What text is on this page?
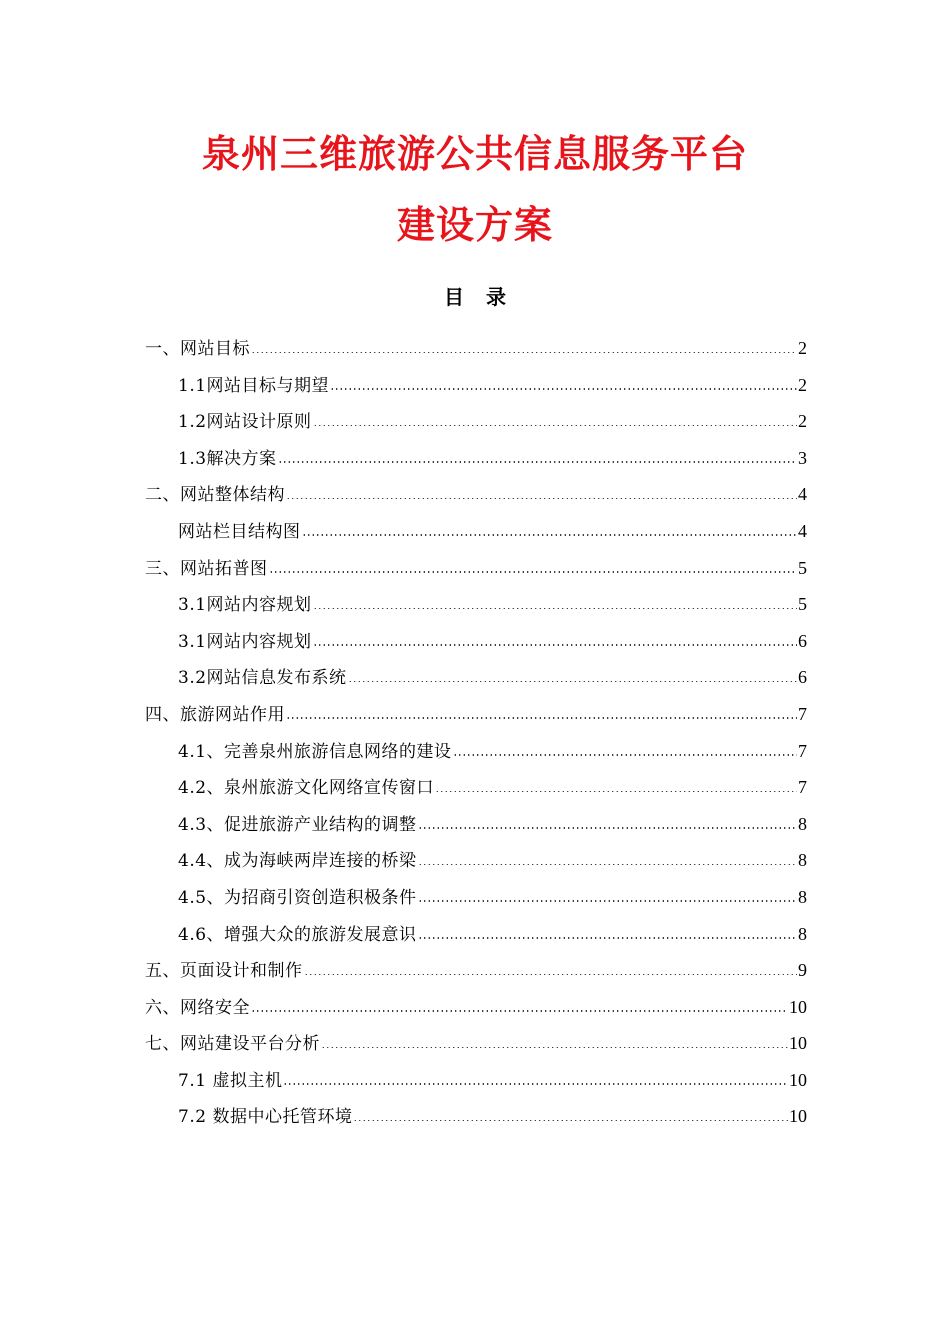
泉州三维旅游公共信息服务平台
建设方案
目录
一、网站目标	2
1.1网站目标与期望	2
1.2网站设计原则	2
1.3解决方案	3
二、网站整体结构	4
网站栏目结构图	4
三、网站拓普图	5
3.1网站内容规划	5
3.1网站内容规划	6
3.2网站信息发布系统	6
四、旅游网站作用	7
4.1、完善泉州旅游信息网络的建设	7
4.2、泉州旅游文化网络宣传窗口	7
4.3、促进旅游产业结构的调整	8
4.4、成为海峡两岸连接的桥梁	8
4.5、为招商引资创造积极条件	8
4.6、增强大众的旅游发展意识	8
五、页面设计和制作	9
六、网络安全	10
七、网站建设平台分析	10
7.1 虚拟主机	10
7.2 数据中心托管环境	10
